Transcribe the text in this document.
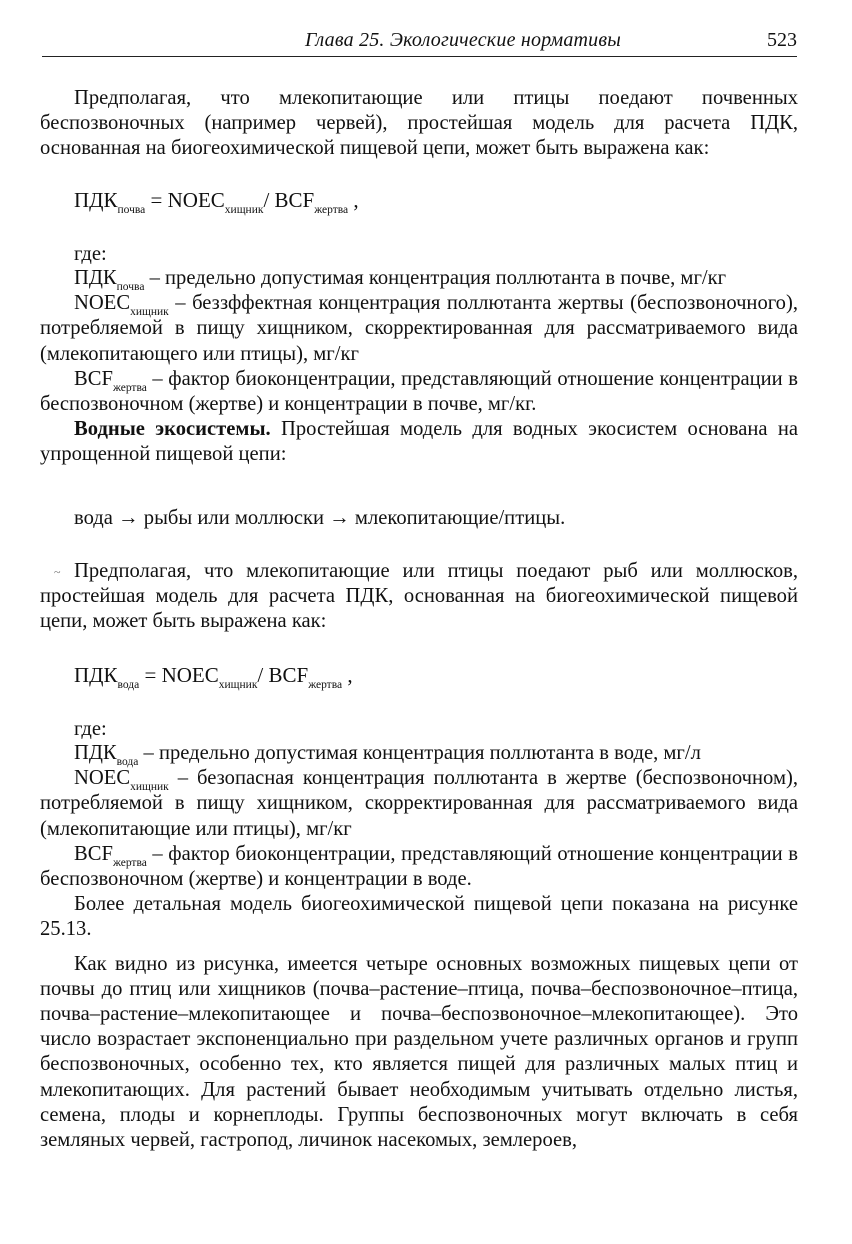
Глава 25. Экологические нормативы	523

Предполагая, что млекопитающие или птицы поедают почвенных беспозвоночных (например червей), простейшая модель для расчета ПДК, основанная на биогеохимической пищевой цепи, может быть выражена как:

$ПДК_{почва}$ = $NOEC_{хищник}/$ $BCF_{жертва}$ ,
где:

$ПДК_{почва}$ – предельно допустимая концентрация поллютанта в почве, мг/кг

$NOEC_{хищник}$ – беззффектная концентрация поллютанта жертвы (беспозвоночного), потребляемой в пищу хищником, скорректированная для рассматриваемого вида (млекопитающего или птицы), мг/кг

$BCF_{жертва}$ – фактор биоконцентрации, представляющий отношение концентрации в беспозвоночном (жертве) и концентрации в почве, мг/кг.

Водные экосистемы. Простейшая модель для водных экосистем основана на упрощенной пищевой цепи:

вода → рыбы или моллюски → млекопитающие/птицы.
~ Предполагая, что млекопитающие или птицы поедают рыб или моллюсков, простейшая модель для расчета ПДК, основанная на биогеохимической пищевой цепи, может быть выражена как:

$ПДК_{вода}$ = $NOEC_{хищник}/$ $BCF_{жертва}$ ,
где:

$ПДК_{вода}$ – предельно допустимая концентрация поллютанта в воде, мг/л

$NOEC_{хищник}$ – безопасная концентрация поллютанта в жертве (беспозвоночном), потребляемой в пищу хищником, скорректированная для рассматриваемого вида (млекопитающие или птицы), мг/кг

$BCF_{жертва}$ – фактор биоконцентрации, представляющий отношение концентрации в беспозвоночном (жертве) и концентрации в воде.

Более детальная модель биогеохимической пищевой цепи показана на рисунке 25.13.

Как видно из рисунка, имеется четыре основных возможных пищевых цепи от почвы до птиц или хищников (почва–растение–птица, почва–беспозвоночное–птица, почва–растение–млекопитающее и почва–беспозвоночное–млекопитающее). Это число возрастает экспоненциально при раздельном учете различных органов и групп беспозвоночных, особенно тех, кто является пищей для различных малых птиц и млекопитающих. Для растений бывает необходимым учитывать отдельно листья, семена, плоды и корнеплоды. Группы беспозвоночных могут включать в себя земляных червей, гастропод, личинок насекомых, землероев,
